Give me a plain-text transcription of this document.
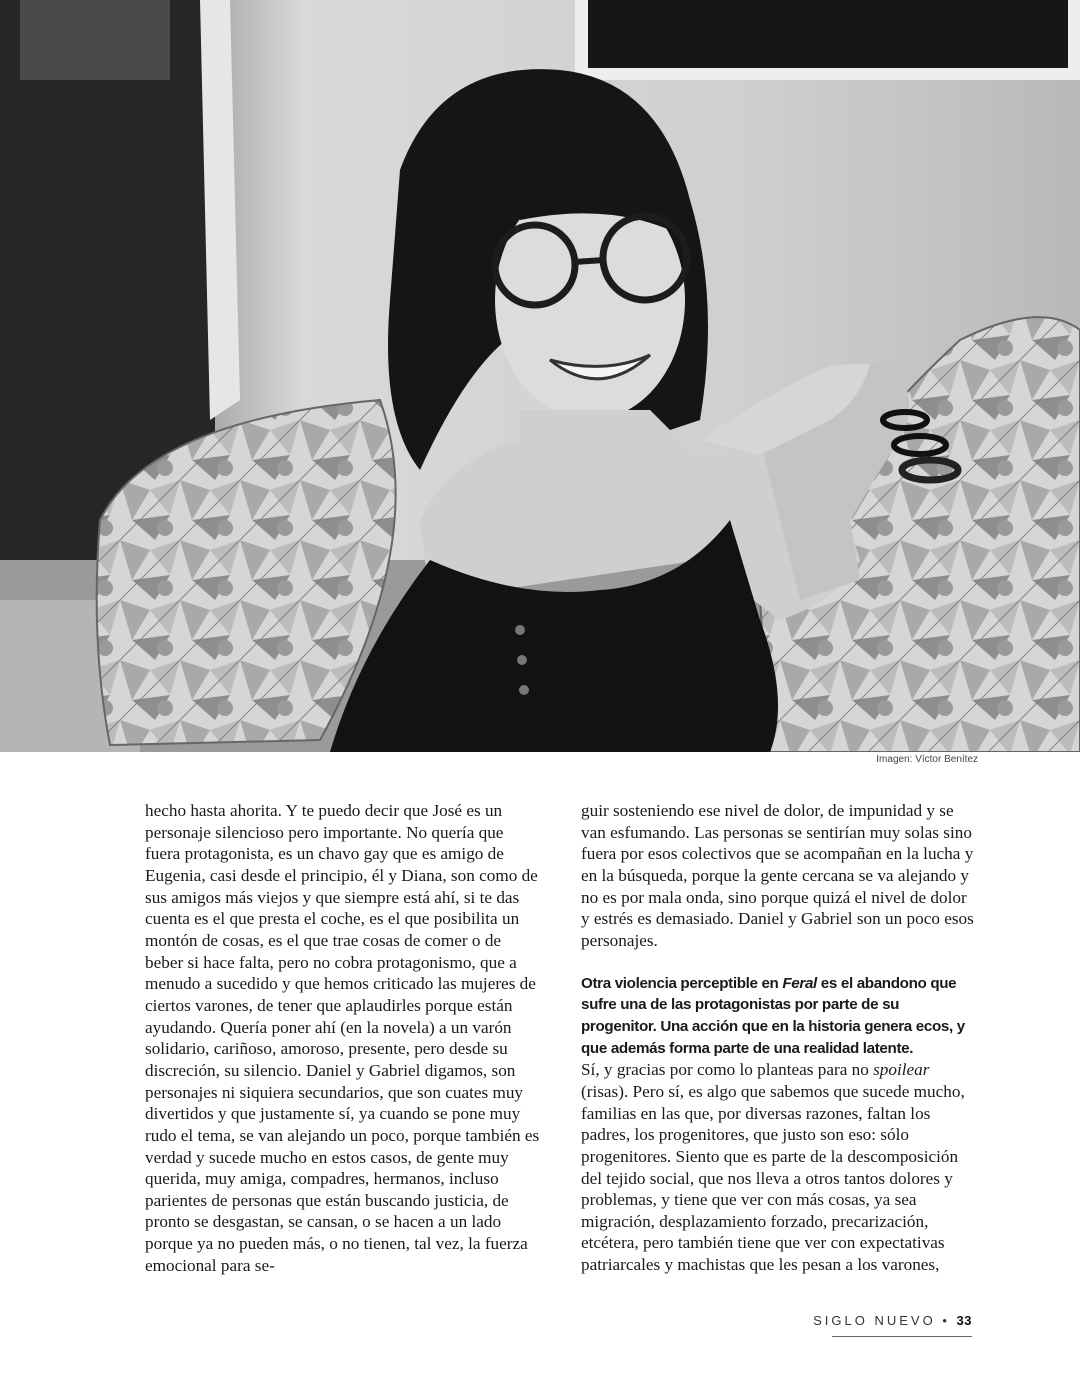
Imagen: Víctor Benítez

hecho hasta ahorita. Y te puedo decir que José es un personaje silencioso pero importante. No quería que fuera protagonista, es un chavo gay que es amigo de Eugenia, casi desde el principio, él y Diana, son como de sus amigos más viejos y que siempre está ahí, si te das cuenta es el que presta el coche, es el que posibilita un montón de cosas, es el que trae cosas de comer o de beber si hace falta, pero no cobra protagonismo, que a menudo a sucedido y que hemos criticado las mujeres de ciertos varones, de tener que aplaudirles porque están ayudando. Quería poner ahí (en la novela) a un varón solidario, cariñoso, amoroso, presente, pero desde su discreción, su silencio. Daniel y Gabriel digamos, son personajes ni siquiera secundarios, que son cuates muy divertidos y que justamente sí, ya cuando se pone muy rudo el tema, se van alejando un poco, porque también es verdad y sucede mucho en estos casos, de gente muy querida, muy amiga, compadres, hermanos, incluso parientes de personas que están buscando justicia, de pronto se desgastan, se cansan, o se hacen a un lado porque ya no pueden más, o no tienen, tal vez, la fuerza emocional para se-

guir sosteniendo ese nivel de dolor, de impunidad y se van esfumando. Las personas se sentirían muy solas sino fuera por esos colectivos que se acompañan en la lucha y en la búsqueda, porque la gente cercana se va alejando y no es por mala onda, sino porque quizá el nivel de dolor y estrés es demasiado. Daniel y Gabriel son un poco esos personajes.

Otra violencia perceptible en Feral es el abandono que sufre una de las protagonistas por parte de su progenitor. Una acción que en la historia genera ecos, y que además forma parte de una realidad latente.

Sí, y gracias por como lo planteas para no spoilear (risas). Pero sí, es algo que sabemos que sucede mucho, familias en las que, por diversas razones, faltan los padres, los progenitores, que justo son eso: sólo progenitores. Siento que es parte de la descomposición del tejido social, que nos lleva a otros tantos dolores y problemas, y tiene que ver con más cosas, ya sea migración, desplazamiento forzado, precarización, etcétera, pero también tiene que ver con expectativas patriarcales y machistas que les pesan a los varones,

SIGLO NUEVO • 33
